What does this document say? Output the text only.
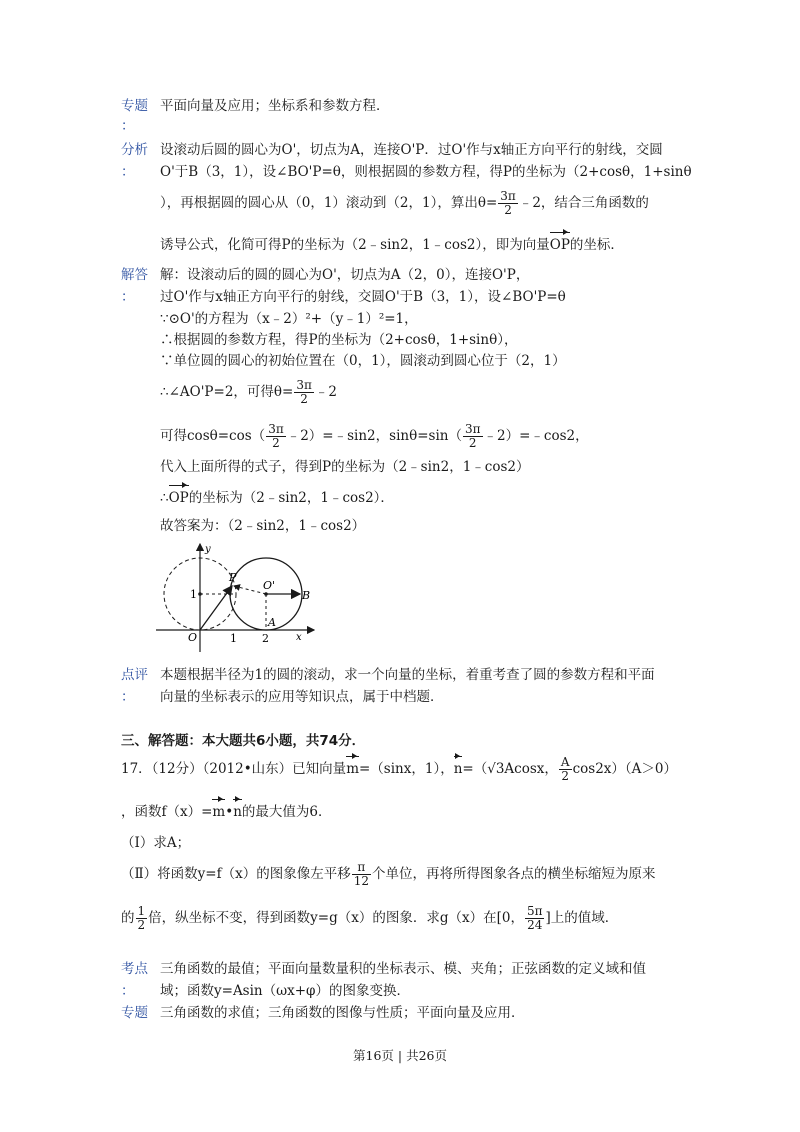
专题
：
平面向量及应用；坐标系和参数方程．
分析
：
设滚动后圆的圆心为O'，切点为A，连接O'P．过O'作与x轴正方向平行的射线，交圆
O'于B（3，1），设∠BO'P=θ，则根据圆的参数方程，得P的坐标为（2+cosθ，1+sinθ
），再根据圆的圆心从（0，1）滚动到（2，1），算出$\theta= \frac{3\pi}{2}$ ﹣2，结合三角函数的
诱导公式，化简可得P的坐标为（2﹣sin2，1﹣cos2），即为向量OP的坐标．
解答
：
解：设滚动后的圆的圆心为O'，切点为A（2，0），连接O'P，
过O'作与x轴正方向平行的射线，交圆O'于B（3，1），设∠BO'P=θ
∵⊙O'的方程为（x﹣2）²+（y﹣1）²=1，
∴根据圆的参数方程，得P的坐标为（2+cosθ，1+sinθ），
∵单位圆的圆心的初始位置在（0，1），圆滚动到圆心位于（2，1）
∴∠AO'P=2，可得$\theta= \frac{3\pi}{2}$ ﹣2
可得$\cos\theta=\cos( \frac{3\pi}{2}$ ﹣2）=﹣sin2，$\sin\theta=\sin( \frac{3\pi}{2}$ ﹣2）=﹣cos2，
代入上面所得的式子，得到P的坐标为（2﹣sin2，1﹣cos2）
∴OP的坐标为（2﹣sin2，1﹣cos2）．
故答案为：（2﹣sin2，1﹣cos2）
y
x
O
P
O'
A
B
1 2
1
点评
：
本题根据半径为1的圆的滚动，求一个向量的坐标，着重考查了圆的参数方程和平面
向量的坐标表示的应用等知识点，属于中档题．
三、解答题：本大题共6小题，共74分．
17．（12分）（2012•山东）已知向量m=（sinx，1），n=（√3Acosx， $\frac{A}{2} \cos 2x)(A>0)$
，函数f（x）=m•n的最大值为6．
（Ⅰ）求A；
（Ⅱ）将函数y=f（x）的图象像左平移 $\frac{\pi}{12}$ 个单位，再将所得图象各点的横坐标缩短为原来
的 $\frac{1}{2}$ 倍，纵坐标不变，得到函数y=g（x）的图象．求g（x）在[0， $\frac{5\pi}{24}$ ]上的值域．
考点
：
三角函数的最值；平面向量数量积的坐标表示、模、夹角；正弦函数的定义域和值
域；函数y=Asin（ωx+φ）的图象变换．
专题 三角函数的求值；三角函数的图像与性质；平面向量及应用．
第16页 | 共26页
